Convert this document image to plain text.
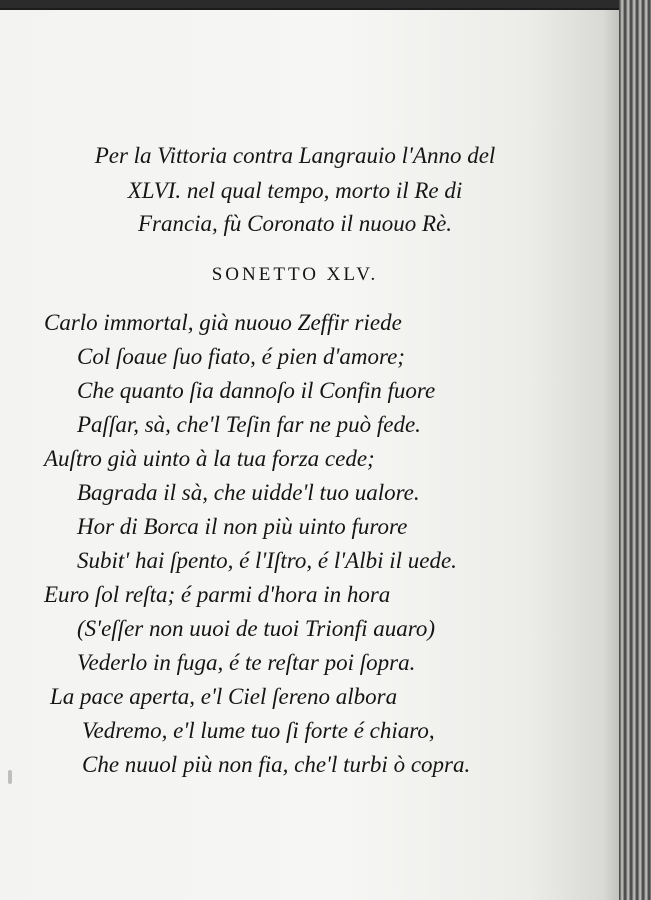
Per la Vittoria contra Langrauio l'Anno del

XLVI. nel qual tempo, morto il Re di

Francia, fù Coronato il nuouo Rè.

SONETTO XLV.

Carlo immortal, già nuouo Zeffir riede
Col ſoaue ſuo fiato, é pien d'amore;
Che quanto ſia dannoſo il Confin fuore
Paſſar, sà, che'l Teſin far ne può fede.
Auſtro già uinto à la tua forza cede;
Bagrada il sà, che uidde'l tuo ualore.
Hor di Borca il non più uinto furore
Subit' hai ſpento, é l'Iſtro, é l'Albi il uede.
Euro ſol reſta; é parmi d'hora in hora
(S'eſſer non uuoi de tuoi Trionfi auaro)
Vederlo in fuga, é te reſtar poi ſopra.
La pace aperta, e'l Ciel ſereno albora
Vedremo, e'l lume tuo ſi forte é chiaro,
Che nuuol più non fia, che'l turbi ò copra.
